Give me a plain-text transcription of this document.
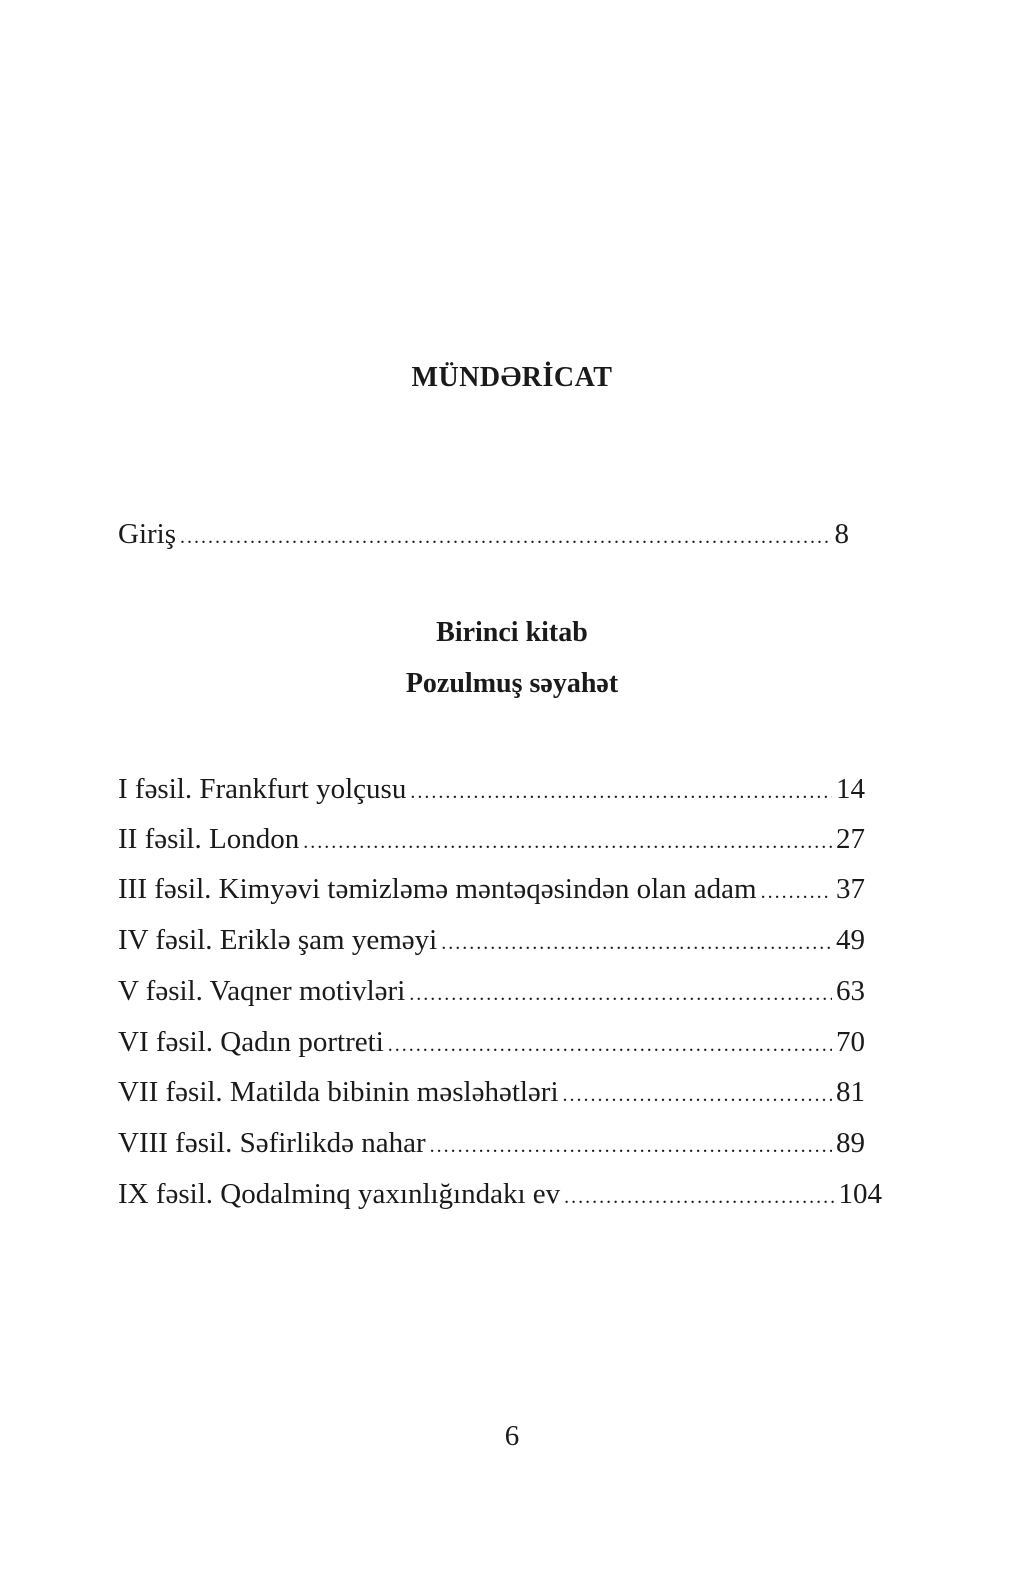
MÜNDƏRİCAT
Giriş .....	8
Birinci kitab
Pozulmuş səyahət
I fəsil. Frankfurt yolçusu .....	14
II fəsil. London .....	27
III fəsil. Kimyəvi təmizləmə məntəqəsindən olan adam .....	37
IV fəsil. Eriklə şam yeməyi .....	49
V fəsil. Vaqner motivləri .....	63
VI fəsil. Qadın portreti .....	70
VII fəsil. Matilda bibinin məsləhətləri .....	81
VIII fəsil. Səfirlikdə nahar .....	89
IX fəsil. Qodalminq yaxınlığındakı ev .....	104
6
